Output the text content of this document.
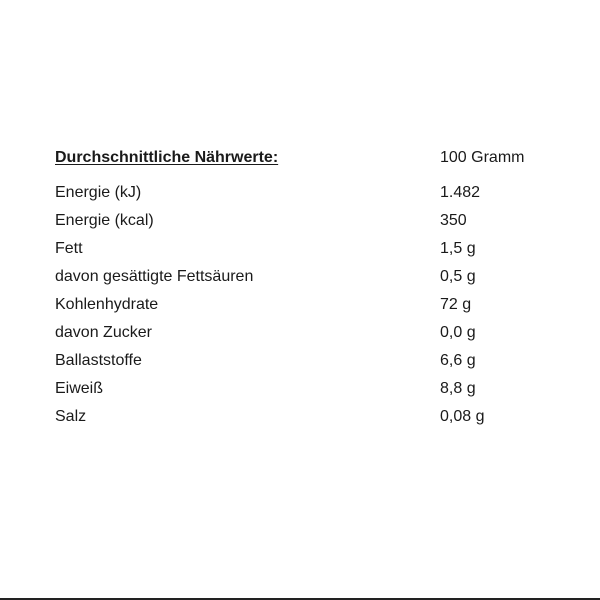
Durchschnittliche Nährwerte:	100 Gramm
Energie (kJ)	1.482
Energie (kcal)	350
Fett	1,5 g
davon gesättigte Fettsäuren	0,5 g
Kohlenhydrate	72 g
davon Zucker	0,0 g
Ballaststoffe	6,6 g
Eiweiß	8,8 g
Salz	0,08 g
